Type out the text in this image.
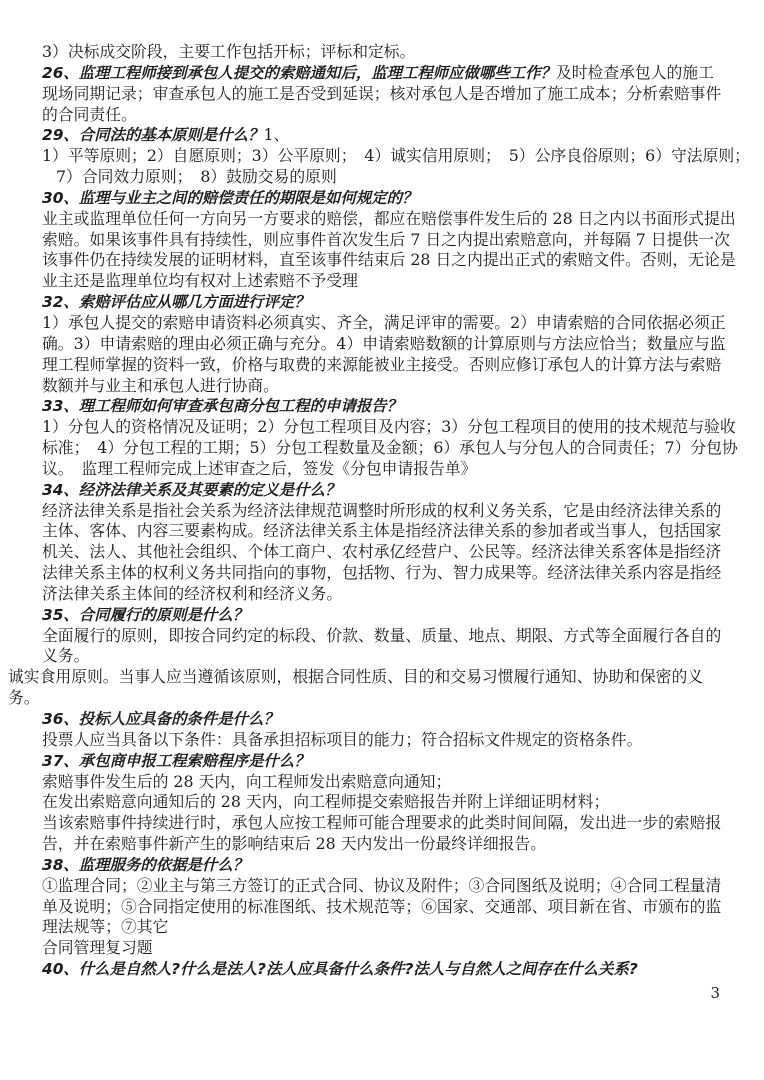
3）决标成交阶段，主要工作包括开标；评标和定标。
26、监理工程师接到承包人提交的索赔通知后，监理工程师应做哪些工作？及时检查承包人的施工
现场同期记录；审查承包人的施工是否受到延误；核对承包人是否增加了施工成本；分析索赔事件
的合同责任。
29、合同法的基本原则是什么？1、
1）平等原则；2）自愿原则；3）公平原则；　4）诚实信用原则；　5）公序良俗原则；6）守法原则；
7）合同效力原则；　8）鼓励交易的原则
30、监理与业主之间的赔偿责任的期限是如何规定的？
业主或监理单位任何一方向另一方要求的赔偿，都应在赔偿事件发生后的 28 日之内以书面形式提出
索赔。如果该事件具有持续性，则应事件首次发生后 7 日之内提出索赔意向，并每隔 7 日提供一次
该事件仍在持续发展的证明材料，直至该事件结束后 28 日之内提出正式的索赔文件。否则，无论是
业主还是监理单位均有权对上述索赔不予受理
32、索赔评估应从哪几方面进行评定？
1）承包人提交的索赔申请资料必须真实、齐全，满足评审的需要。2）申请索赔的合同依据必须正
确。3）申请索赔的理由必须正确与充分。4）申请索赔数额的计算原则与方法应恰当；数量应与监
理工程师掌握的资料一致，价格与取费的来源能被业主接受。否则应修订承包人的计算方法与索赔
数额并与业主和承包人进行协商。
33、理工程师如何审查承包商分包工程的申请报告？
1）分包人的资格情况及证明；2）分包工程项目及内容；3）分包工程项目的使用的技术规范与验收
标准；　4）分包工程的工期；5）分包工程数量及金额；6）承包人与分包人的合同责任；7）分包协
议。　监理工程师完成上述审查之后，签发《分包申请报告单》
34、经济法律关系及其要素的定义是什么？
经济法律关系是指社会关系为经济法律规范调整时所形成的权利义务关系，它是由经济法律关系的
主体、客体、内容三要素构成。经济法律关系主体是指经济法律关系的参加者或当事人，包括国家
机关、法人、其他社会组织、个体工商户、农村承亿经营户、公民等。经济法律关系客体是指经济
法律关系主体的权利义务共同指向的事物，包括物、行为、智力成果等。经济法律关系内容是指经
济法律关系主体间的经济权利和经济义务。
35、合同履行的原则是什么？
全面履行的原则，即按合同约定的标段、价款、数量、质量、地点、期限、方式等全面履行各自的
义务。
诚实食用原则。当事人应当遵循该原则，根据合同性质、目的和交易习惯履行通知、协助和保密的义
务。
36、投标人应具备的条件是什么？
投票人应当具备以下条件：具备承担招标项目的能力；符合招标文件规定的资格条件。
37、承包商申报工程索赔程序是什么？
索赔事件发生后的 28 天内，向工程师发出索赔意向通知；
在发出索赔意向通知后的 28 天内，向工程师提交索赔报告并附上详细证明材料；
当该索赔事件持续进行时，承包人应按工程师可能合理要求的此类时间间隔，发出进一步的索赔报
告，并在索赔事件新产生的影响结束后 28 天内发出一份最终详细报告。
38、监理服务的依据是什么？
①监理合同；②业主与第三方签订的正式合同、协议及附件；③合同图纸及说明；④合同工程量清
单及说明；⑤合同指定使用的标准图纸、技术规范等；⑥国家、交通部、项目新在省、市颁布的监
理法规等；⑦其它
合同管理复习题
40、什么是自然人?什么是法人?法人应具备什么条件?法人与自然人之间存在什么关系?
3
